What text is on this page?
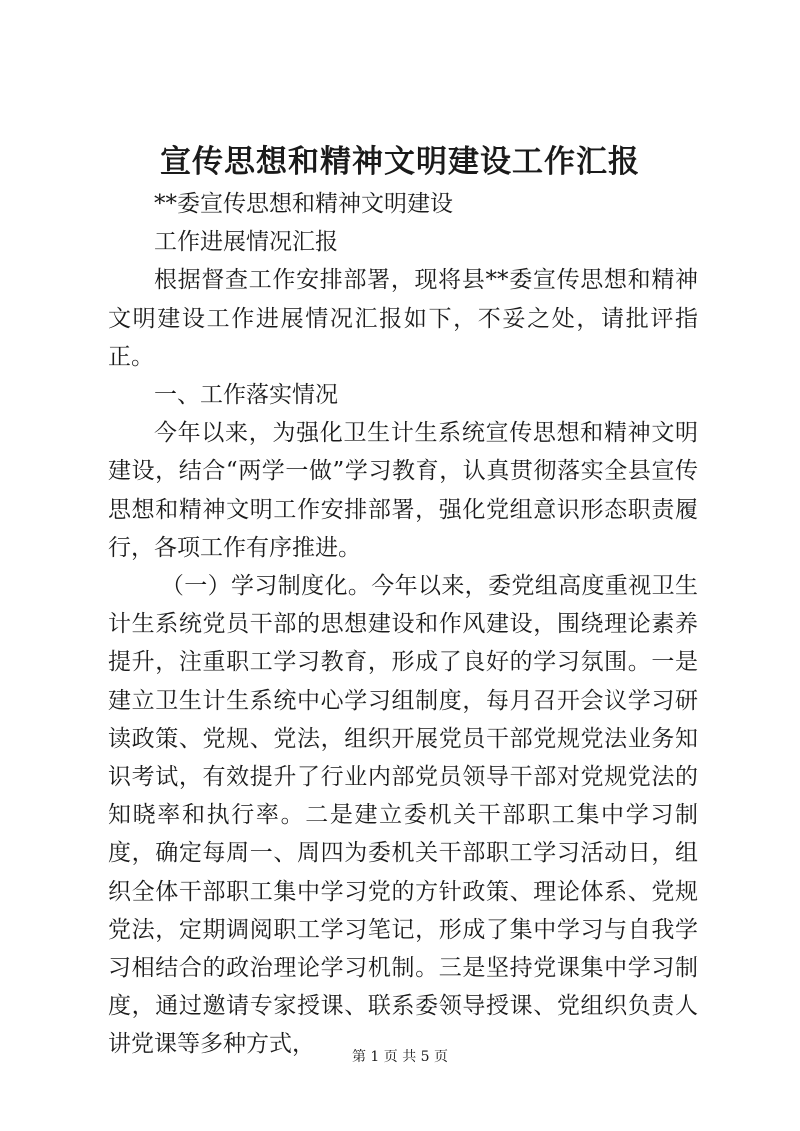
宣传思想和精神文明建设工作汇报

**委宣传思想和精神文明建设

工作进展情况汇报

根据督查工作安排部署，现将县**委宣传思想和精神文明建设工作进展情况汇报如下，不妥之处，请批评指正。

一、工作落实情况

今年以来，为强化卫生计生系统宣传思想和精神文明建设，结合“两学一做”学习教育，认真贯彻落实全县宣传思想和精神文明工作安排部署，强化党组意识形态职责履行，各项工作有序推进。

（一）学习制度化。今年以来，委党组高度重视卫生计生系统党员干部的思想建设和作风建设，围绕理论素养提升，注重职工学习教育，形成了良好的学习氛围。一是建立卫生计生系统中心学习组制度，每月召开会议学习研读政策、党规、党法，组织开展党员干部党规党法业务知识考试，有效提升了行业内部党员领导干部对党规党法的知晓率和执行率。二是建立委机关干部职工集中学习制度，确定每周一、周四为委机关干部职工学习活动日，组织全体干部职工集中学习党的方针政策、理论体系、党规党法，定期调阅职工学习笔记，形成了集中学习与自我学习相结合的政治理论学习机制。三是坚持党课集中学习制度，通过邀请专家授课、联系委领导授课、党组织负责人讲党课等多种方式，	第 1 页 共 5 页
